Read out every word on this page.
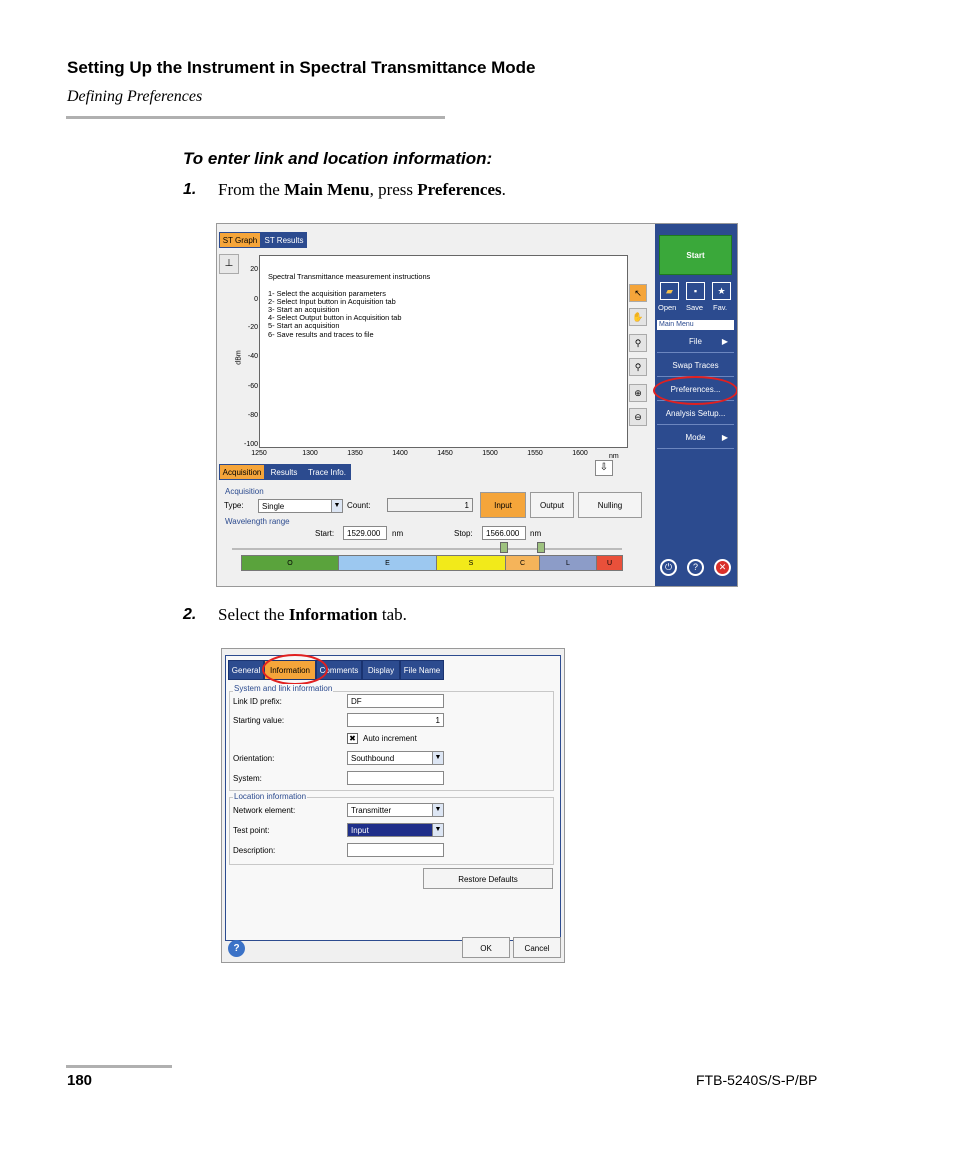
Setting Up the Instrument in Spectral Transmittance Mode
Defining Preferences
To enter link and location information:
1. From the Main Menu, press Preferences.
ST Graph ST Results
⊥
dBm
20
0
-20
-40
-60
-80
-100
Spectral Transmittance measurement instructions
1- Select the acquisition parameters
2- Select Input button in Acquisition tab
3- Start an acquisition
4- Select Output button in Acquisition tab
5- Start an acquisition
6- Save results and traces to file
1250	1300	1350	1400	1450	1500	1550	1600	nm
↖
✋
⚲
⚲
⊕
⊖
⇩
Acquisition	Results	Trace Info.
Acquisition
Type:	Single	▼ Count:	1	Input	Output	Nulling
Wavelength range
Start:	1529.000	nm	Stop:	1566.000	nm
O	E	S	C	L	U
Start
▰	▪	★
Open Save Fav.
Main Menu
File ▶
Swap Traces
Preferences...
Analysis Setup...
Mode ▶
⏻	?	✕
2. Select the Information tab.
General	Information	Comments	Display	File Name
System and link information
Link ID prefix:	DF
Starting value:	1
✖ Auto increment
Orientation:	Southbound	▼
System:
Location information
Network element:	Transmitter	▼
Test point:	Input	▼
Description:
Restore Defaults
?	OK	Cancel
180	FTB-5240S/S-P/BP
